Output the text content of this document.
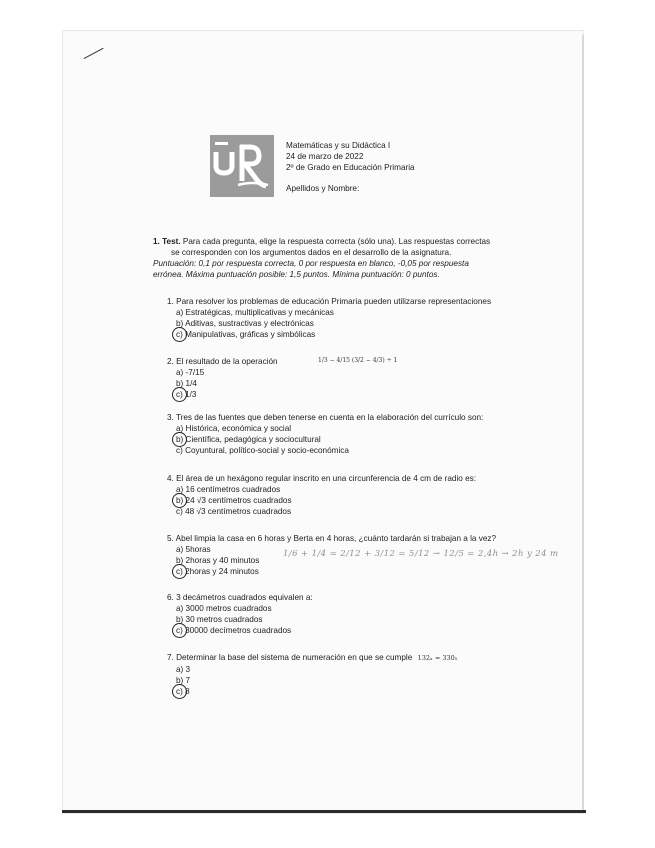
Matemáticas y su Didáctica I
24 de marzo de 2022
2º de Grado en Educación Primaria
Apellidos y Nombre:
1. Test. Para cada pregunta, elige la respuesta correcta (sólo una). Las respuestas correctas
se corresponden con los argumentos dados en el desarrollo de la asignatura.
Puntuación: 0,1 por respuesta correcta, 0 por respuesta en blanco, -0,05 por respuesta
errónea. Máxima puntuación posible: 1,5 puntos. Mínima puntuación: 0 puntos.
1. Para resolver los problemas de educación Primaria pueden utilizarse representaciones
a) Estratégicas, multiplicativas y mecánicas
b) Aditivas, sustractivas y electrónicas
c) Manipulativas, gráficas y simbólicas
2. El resultado de la operación
a) -7/15
b) 1/4
c) 1/3
1/3 − 4/15 (3/2 − 4/3) ÷ 1
3. Tres de las fuentes que deben tenerse en cuenta en la elaboración del currículo son:
a) Histórica, económica y social
b) Científica, pedagógica y sociocultural
c) Coyuntural, político-social y socio-económica
4. El área de un hexágono regular inscrito en una circunferencia de 4 cm de radio es:
a) 16 centímetros cuadrados
b) 24 √3 centímetros cuadrados
c) 48 √3 centímetros cuadrados
5. Abel limpia la casa en 6 horas y Berta en 4 horas, ¿cuánto tardarán si trabajan a la vez?
a) 5horas
b) 2horas y 40 minutos
c) 2horas y 24 minutos
1/6 + 1/4 = 2/12 + 3/12 = 5/12 → 12/5 = 2,4h → 2h y 24 m
6. 3 decámetros cuadrados equivalen a:
a) 3000 metros cuadrados
b) 30 metros cuadrados
c) 30000 decímetros cuadrados
7. Determinar la base del sistema de numeración en que se cumple 132ₓ = 330₅
a) 3
b) 7
c) 8
